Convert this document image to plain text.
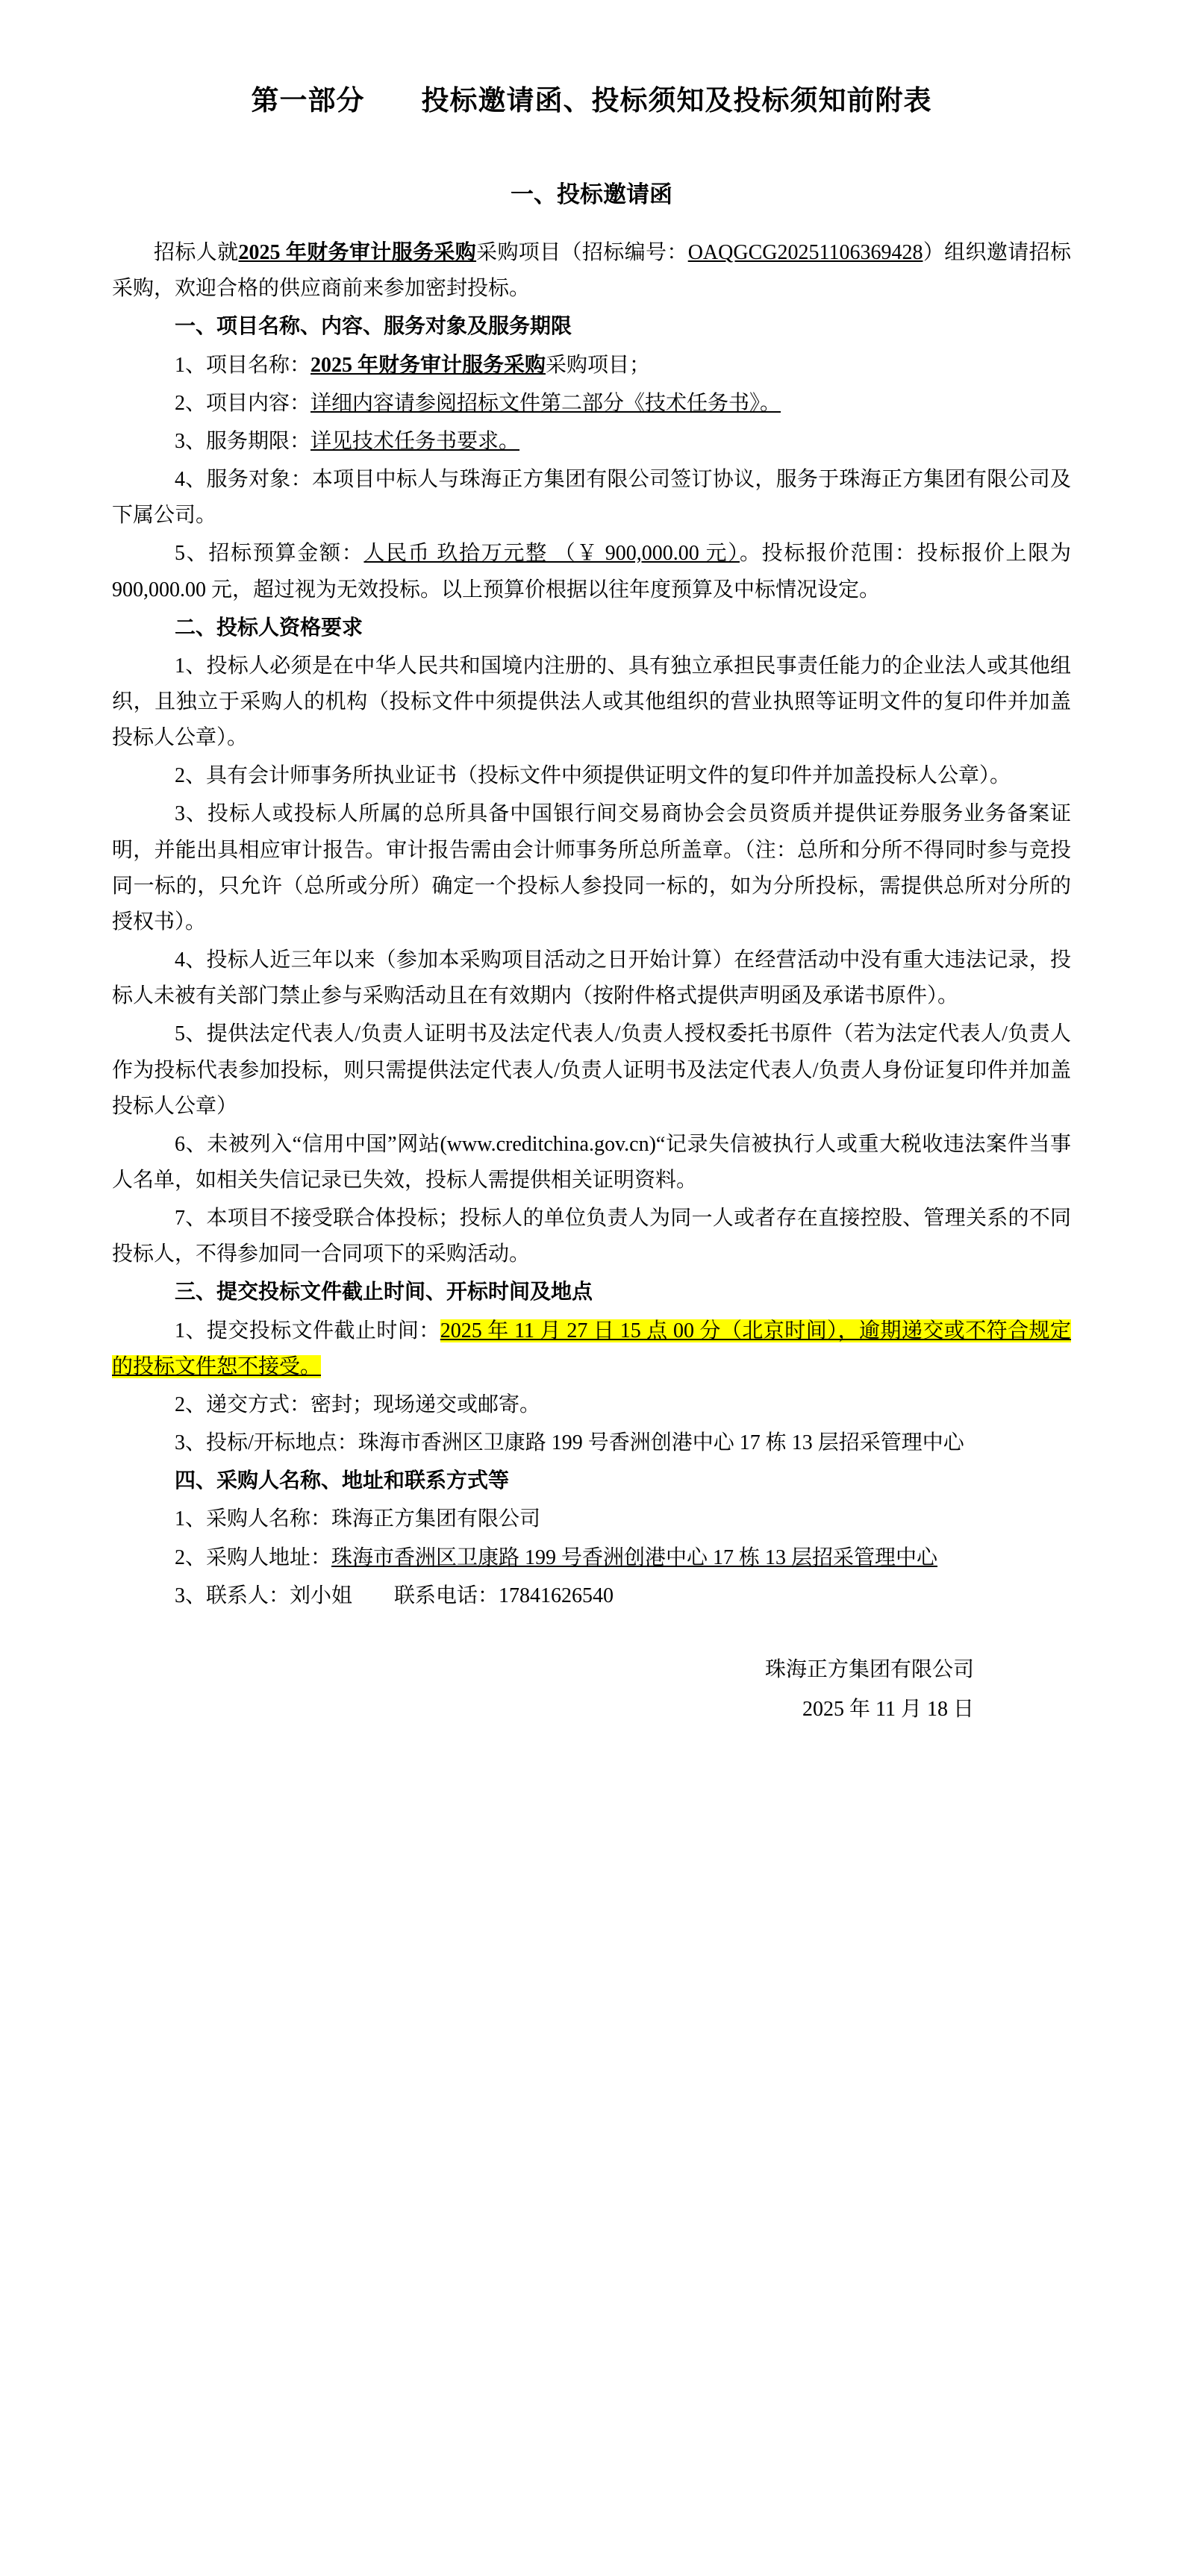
第一部分　　投标邀请函、投标须知及投标须知前附表
一、投标邀请函

招标人就2025 年财务审计服务采购采购项目（招标编号：OAQGCG20251106369428）组织邀请招标采购，欢迎合格的供应商前来参加密封投标。

一、项目名称、内容、服务对象及服务期限

1、项目名称：2025 年财务审计服务采购采购项目；

2、项目内容：详细内容请参阅招标文件第二部分《技术任务书》。

3、服务期限：详见技术任务书要求。

4、服务对象：本项目中标人与珠海正方集团有限公司签订协议，服务于珠海正方集团有限公司及下属公司。

5、招标预算金额：人民币 玖拾万元整 （￥ 900,000.00 元）。投标报价范围：投标报价上限为 900,000.00 元，超过视为无效投标。以上预算价根据以往年度预算及中标情况设定。

二、投标人资格要求

1、投标人必须是在中华人民共和国境内注册的、具有独立承担民事责任能力的企业法人或其他组织，且独立于采购人的机构（投标文件中须提供法人或其他组织的营业执照等证明文件的复印件并加盖投标人公章）。

2、具有会计师事务所执业证书（投标文件中须提供证明文件的复印件并加盖投标人公章）。

3、投标人或投标人所属的总所具备中国银行间交易商协会会员资质并提供证券服务业务备案证明，并能出具相应审计报告。审计报告需由会计师事务所总所盖章。（注：总所和分所不得同时参与竞投同一标的，只允许（总所或分所）确定一个投标人参投同一标的，如为分所投标，需提供总所对分所的授权书）。

4、投标人近三年以来（参加本采购项目活动之日开始计算）在经营活动中没有重大违法记录，投标人未被有关部门禁止参与采购活动且在有效期内（按附件格式提供声明函及承诺书原件）。

5、提供法定代表人/负责人证明书及法定代表人/负责人授权委托书原件（若为法定代表人/负责人作为投标代表参加投标，则只需提供法定代表人/负责人证明书及法定代表人/负责人身份证复印件并加盖投标人公章）

6、未被列入“信用中国”网站(www.creditchina.gov.cn)“记录失信被执行人或重大税收违法案件当事人名单，如相关失信记录已失效，投标人需提供相关证明资料。

7、本项目不接受联合体投标；投标人的单位负责人为同一人或者存在直接控股、管理关系的不同投标人，不得参加同一合同项下的采购活动。

三、提交投标文件截止时间、开标时间及地点

1、提交投标文件截止时间：2025 年 11 月 27 日 15 点 00 分（北京时间），逾期递交或不符合规定的投标文件恕不接受。

2、递交方式：密封；现场递交或邮寄。

3、投标/开标地点：珠海市香洲区卫康路 199 号香洲创港中心 17 栋 13 层招采管理中心

四、采购人名称、地址和联系方式等

1、采购人名称：珠海正方集团有限公司

2、采购人地址：珠海市香洲区卫康路 199 号香洲创港中心 17 栋 13 层招采管理中心

3、联系人：刘小姐 联系电话：17841626540

珠海正方集团有限公司
2025 年 11 月 18 日
